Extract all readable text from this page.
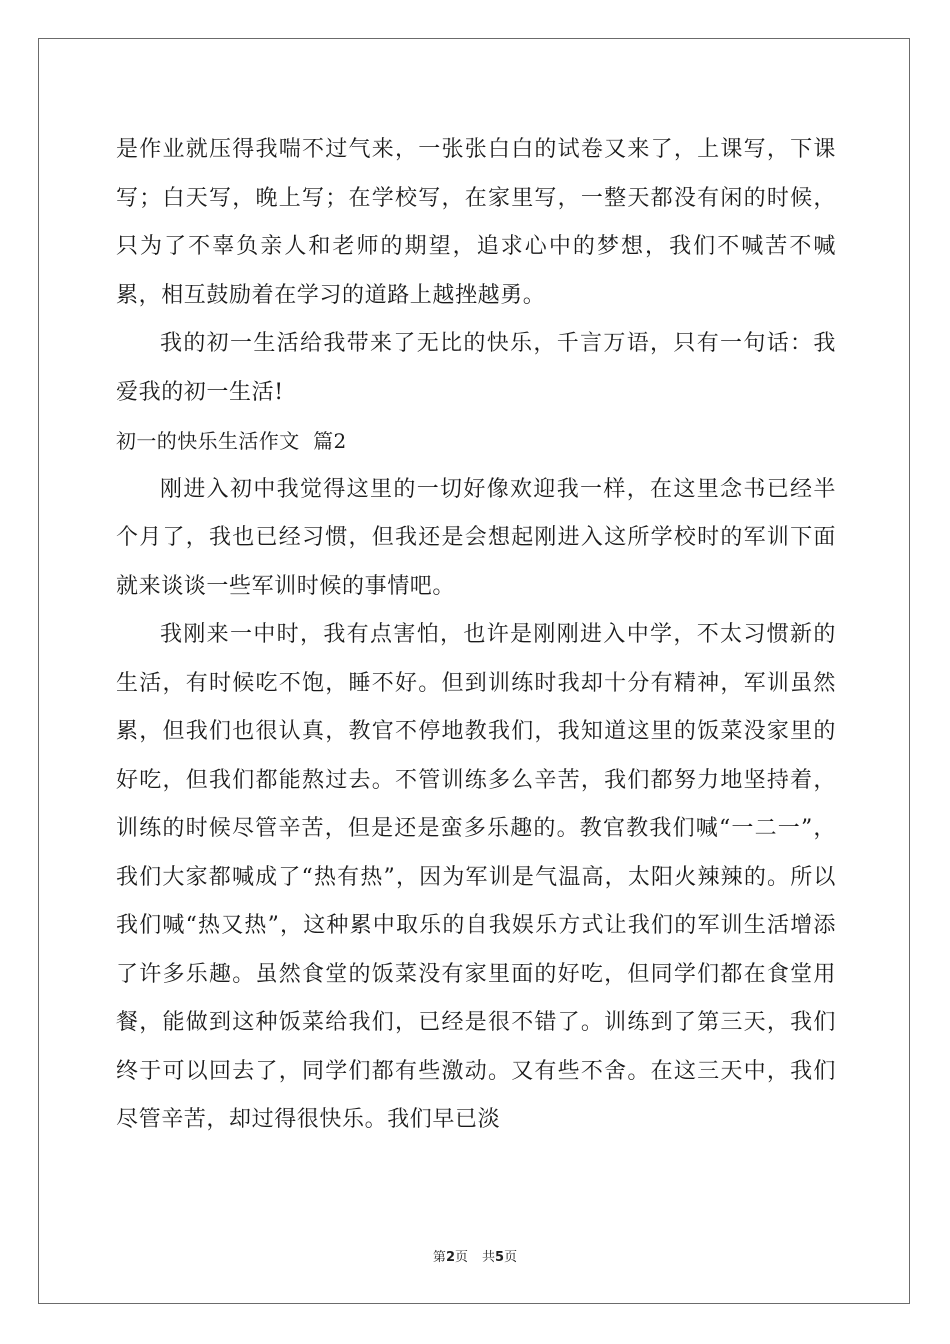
是作业就压得我喘不过气来，一张张白白的试卷又来了，上课写，下课写；白天写，晚上写；在学校写，在家里写，一整天都没有闲的时候，只为了不辜负亲人和老师的期望，追求心中的梦想，我们不喊苦不喊累，相互鼓励着在学习的道路上越挫越勇。

我的初一生活给我带来了无比的快乐，千言万语，只有一句话：我爱我的初一生活!

初一的快乐生活作文  篇2

刚进入初中我觉得这里的一切好像欢迎我一样，在这里念书已经半个月了，我也已经习惯，但我还是会想起刚进入这所学校时的军训下面就来谈谈一些军训时候的事情吧。

我刚来一中时，我有点害怕，也许是刚刚进入中学，不太习惯新的生活，有时候吃不饱，睡不好。但到训练时我却十分有精神，军训虽然累，但我们也很认真，教官不停地教我们，我知道这里的饭菜没家里的好吃，但我们都能熬过去。不管训练多么辛苦，我们都努力地坚持着，训练的时候尽管辛苦，但是还是蛮多乐趣的。教官教我们喊“一二一”，我们大家都喊成了“热有热”，因为军训是气温高，太阳火辣辣的。所以我们喊“热又热”，这种累中取乐的自我娱乐方式让我们的军训生活增添了许多乐趣。虽然食堂的饭菜没有家里面的好吃，但同学们都在食堂用餐，能做到这种饭菜给我们，已经是很不错了。训练到了第三天，我们终于可以回去了，同学们都有些激动。又有些不舍。在这三天中，我们尽管辛苦，却过得很快乐。我们早已淡

第2页 共5页
